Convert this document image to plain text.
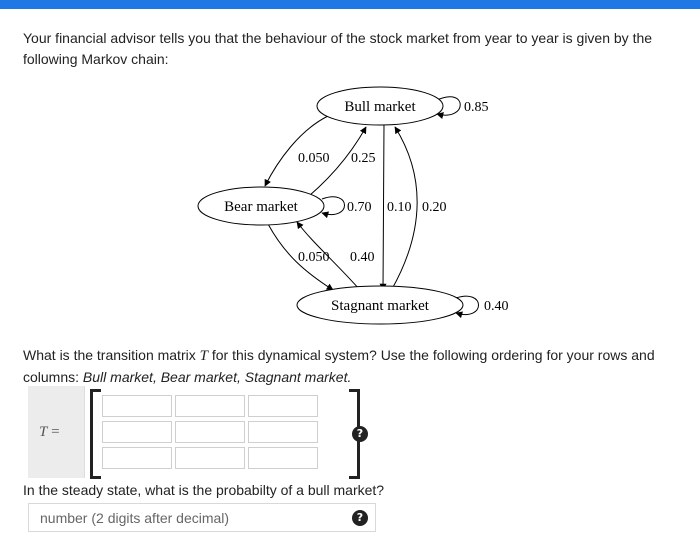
Your financial advisor tells you that the behaviour of the stock market from year to year is given by the following Markov chain:
Bull market
Bear market
Stagnant market
0.85
0.050 0.25
0.70 0.10 0.20
0.050 0.40
0.40
What is the transition matrix T for this dynamical system? Use the following ordering for your rows and columns: Bull market, Bear market, Stagnant market.
T =	?
In the steady state, what is the probabilty of a bull market?
number (2 digits after decimal)
?
